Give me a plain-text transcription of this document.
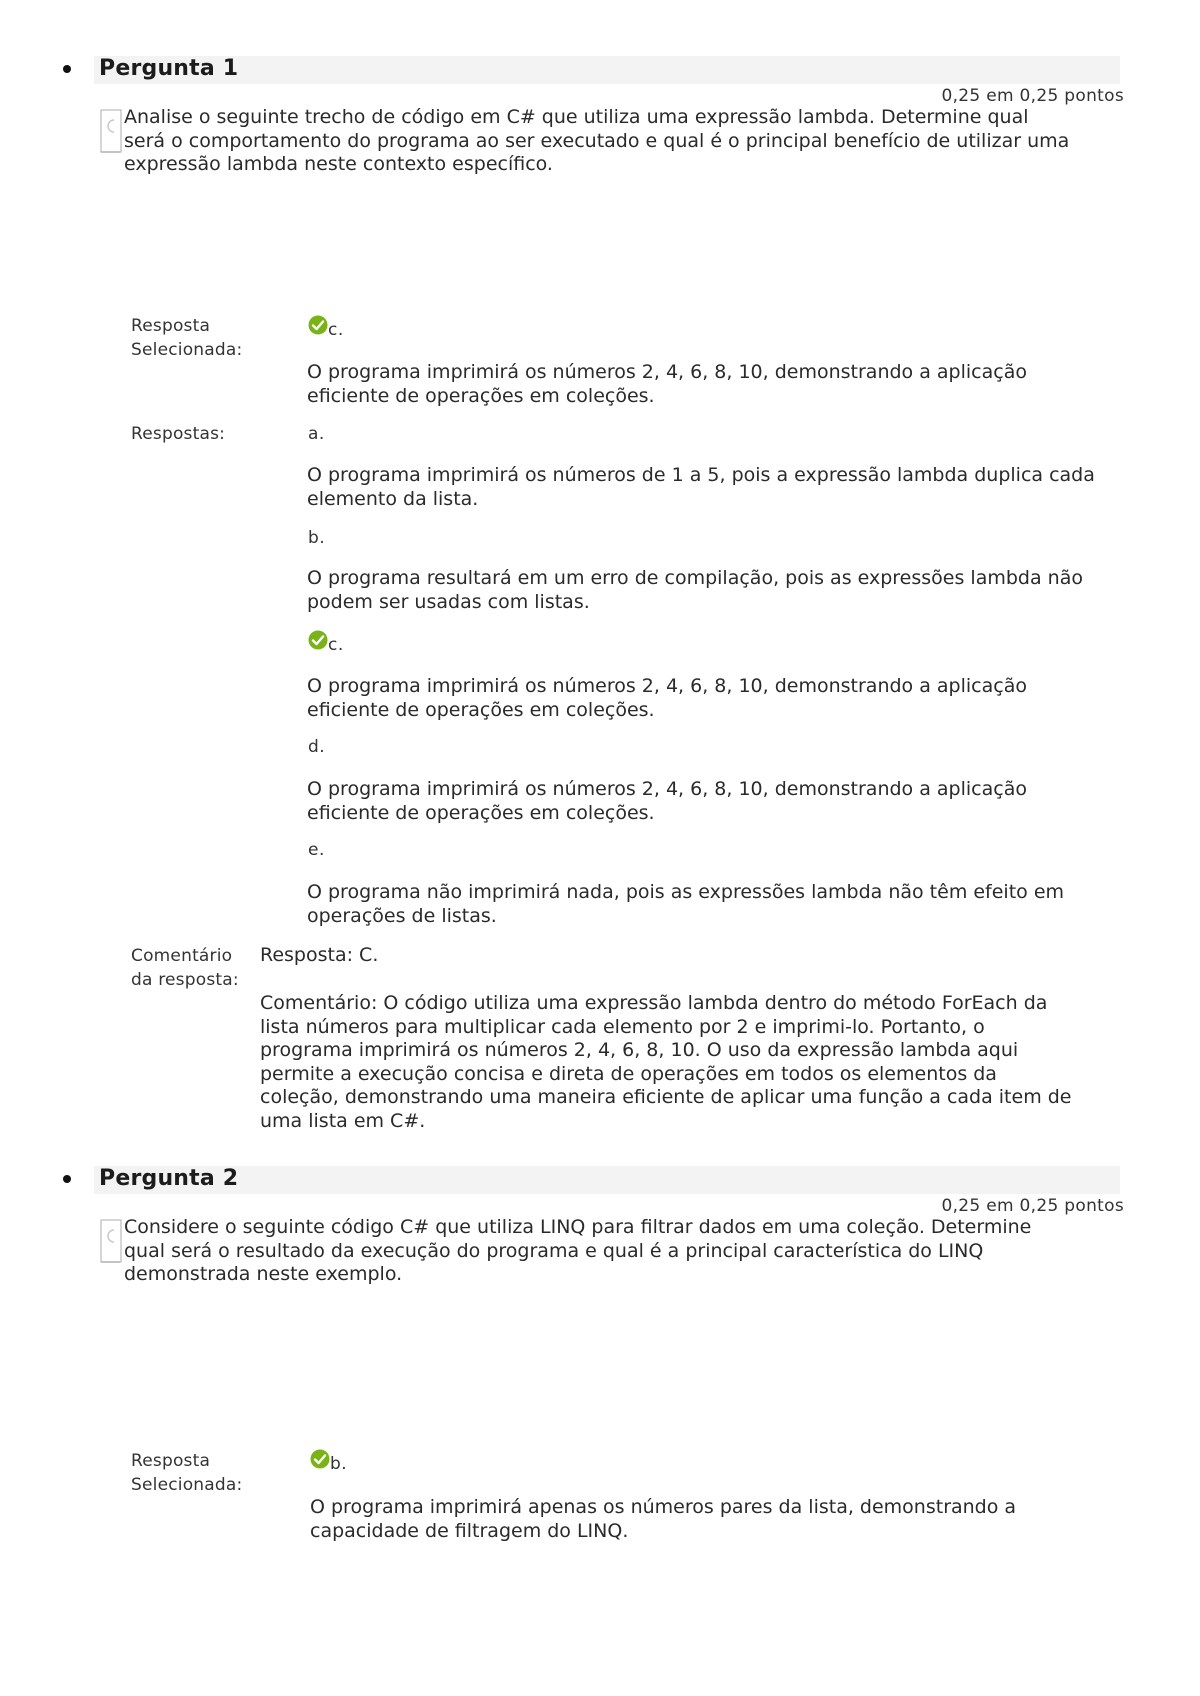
Pergunta 1
0,25 em 0,25 pontos
Analise o seguinte trecho de código em C# que utiliza uma expressão lambda. Determine qual será o comportamento do programa ao ser executado e qual é o principal benefício de utilizar uma expressão lambda neste contexto específico.
Resposta Selecionada:
c.
O programa imprimirá os números 2, 4, 6, 8, 10, demonstrando a aplicação eficiente de operações em coleções.
Respostas:	a.
O programa imprimirá os números de 1 a 5, pois a expressão lambda duplica cada elemento da lista.
b.
O programa resultará em um erro de compilação, pois as expressões lambda não podem ser usadas com listas.
c.
O programa imprimirá os números 2, 4, 6, 8, 10, demonstrando a aplicação eficiente de operações em coleções.
d.
O programa imprimirá os números 2, 4, 6, 8, 10, demonstrando a aplicação eficiente de operações em coleções.
e.
O programa não imprimirá nada, pois as expressões lambda não têm efeito em operações de listas.
Comentário da resposta:
Resposta: C.
Comentário: O código utiliza uma expressão lambda dentro do método ForEach da lista números para multiplicar cada elemento por 2 e imprimi-lo. Portanto, o programa imprimirá os números 2, 4, 6, 8, 10. O uso da expressão lambda aqui permite a execução concisa e direta de operações em todos os elementos da coleção, demonstrando uma maneira eficiente de aplicar uma função a cada item de uma lista em C#.
Pergunta 2
0,25 em 0,25 pontos
Considere o seguinte código C# que utiliza LINQ para filtrar dados em uma coleção. Determine qual será o resultado da execução do programa e qual é a principal característica do LINQ demonstrada neste exemplo.
Resposta Selecionada:
b.
O programa imprimirá apenas os números pares da lista, demonstrando a capacidade de filtragem do LINQ.
